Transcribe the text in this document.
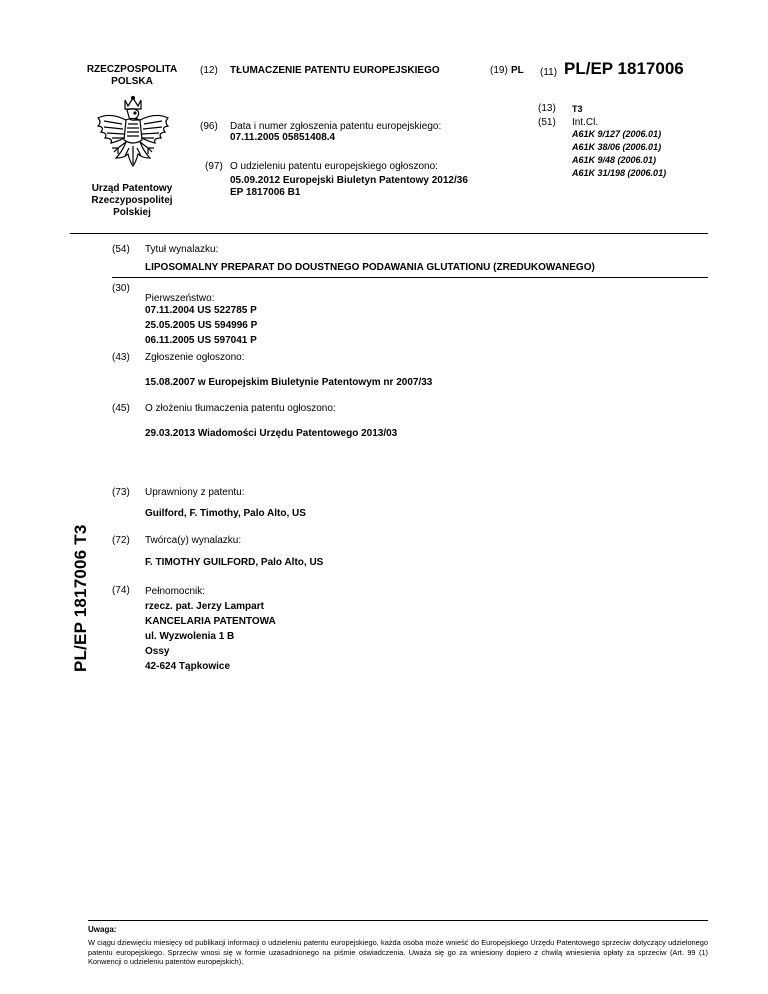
RZECZPOSPOLITA
POLSKA
Urząd Patentowy
Rzeczypospolitej
Polskiej
(12) TŁUMACZENIE PATENTU EUROPEJSKIEGO	(19) PL (11) PL/EP 1817006
(96) Data i numer zgłoszenia patentu europejskiego:
07.11.2005 05851408.4
(97) O udzieleniu patentu europejskiego ogłoszono:
05.09.2012 Europejski Biuletyn Patentowy 2012/36
EP 1817006 B1
(13) T3
(51) Int.Cl.
A61K 9/127 (2006.01)
A61K 38/06 (2006.01)
A61K 9/48 (2006.01)
A61K 31/198 (2006.01)
(54) Tytuł wynalazku:
LIPOSOMALNY PREPARAT DO DOUSTNEGO PODAWANIA GLUTATIONU (ZREDUKOWANEGO)
(30)
Pierwszeństwo:
07.11.2004 US 522785 P
25.05.2005 US 594996 P
06.11.2005 US 597041 P
(43) Zgłoszenie ogłoszono:
15.08.2007 w Europejskim Biuletynie Patentowym nr 2007/33
(45) O złożeniu tłumaczenia patentu ogłoszono:
29.03.2013 Wiadomości Urzędu Patentowego 2013/03
(73) Uprawniony z patentu:
Guilford, F. Timothy, Palo Alto, US
(72) Twórca(y) wynalazku:
F. TIMOTHY GUILFORD, Palo Alto, US
(74) Pełnomocnik:
rzecz. pat. Jerzy Lampart
KANCELARIA PATENTOWA
ul. Wyzwolenia 1 B
Ossy
42-624 Tąpkowice
PL/EP 1817006 T3
Uwaga:
W ciągu dziewięciu miesięcy od publikacji informacji o udzieleniu patentu europejskiego, każda osoba może wnieść do Europejskiego Urzędu Patentowego sprzeciw dotyczący udzielonego patentu europejskiego. Sprzeciw wnosi się w formie uzasadnionego na piśmie oświadczenia. Uważa się go za wniesiony dopiero z chwilą wniesienia opłaty za sprzeciw (Art. 99 (1) Konwencji o udzieleniu patentów europejskich).
